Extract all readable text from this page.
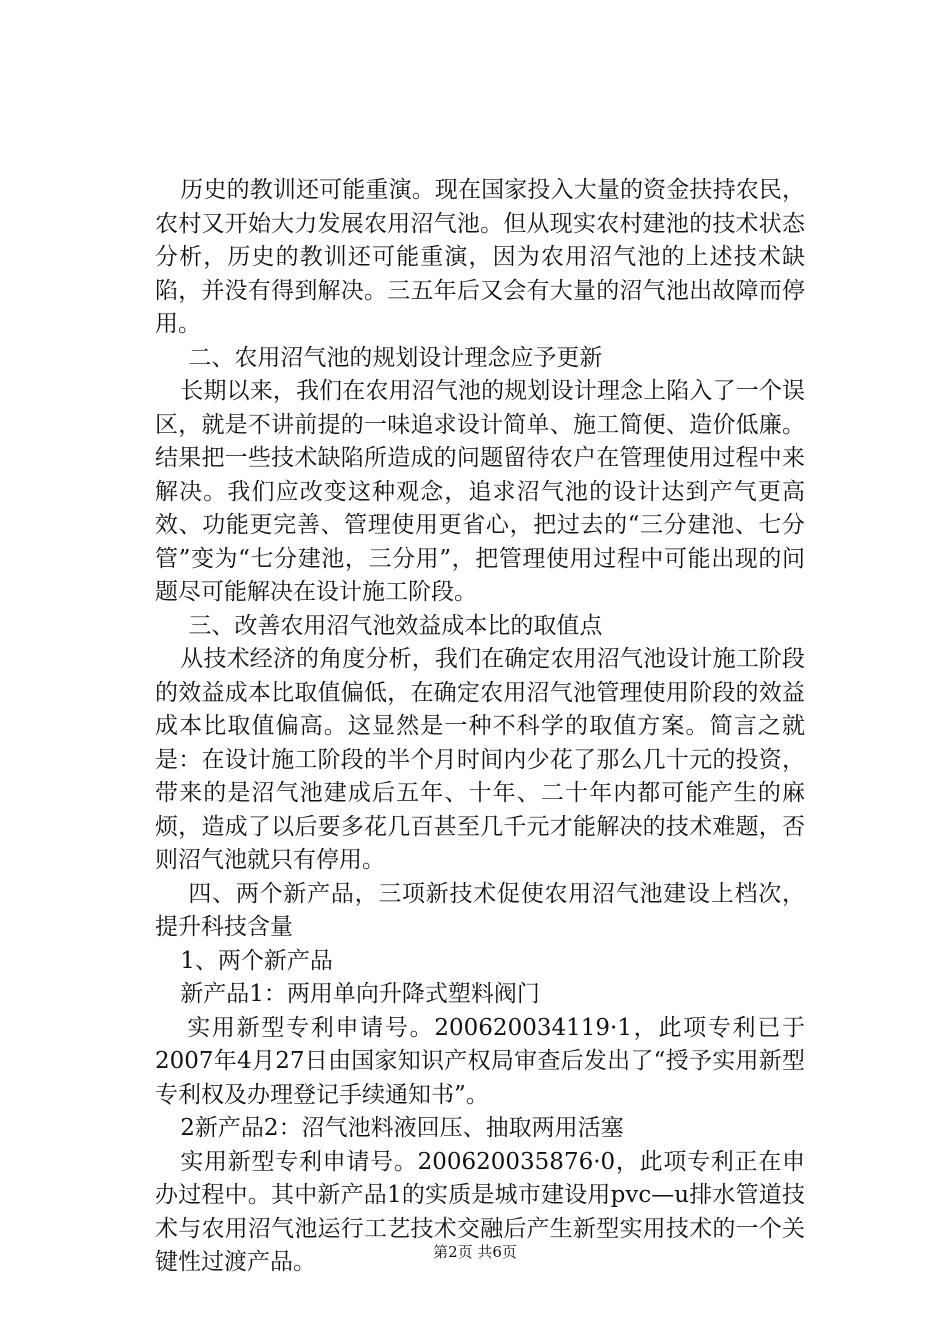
历史的教训还可能重演。现在国家投入大量的资金扶持农民，农村又开始大力发展农用沼气池。但从现实农村建池的技术状态分析，历史的教训还可能重演，因为农用沼气池的上述技术缺陷，并没有得到解决。三五年后又会有大量的沼气池出故障而停用。

二、农用沼气池的规划设计理念应予更新

长期以来，我们在农用沼气池的规划设计理念上陷入了一个误区，就是不讲前提的一味追求设计简单、施工简便、造价低廉。结果把一些技术缺陷所造成的问题留待农户在管理使用过程中来解决。我们应改变这种观念，追求沼气池的设计达到产气更高效、功能更完善、管理使用更省心，把过去的“三分建池、七分管”变为“七分建池，三分用”，把管理使用过程中可能出现的问题尽可能解决在设计施工阶段。

三、改善农用沼气池效益成本比的取值点

从技术经济的角度分析，我们在确定农用沼气池设计施工阶段的效益成本比取值偏低，在确定农用沼气池管理使用阶段的效益成本比取值偏高。这显然是一种不科学的取值方案。简言之就是：在设计施工阶段的半个月时间内少花了那么几十元的投资，带来的是沼气池建成后五年、十年、二十年内都可能产生的麻烦，造成了以后要多花几百甚至几千元才能解决的技术难题，否则沼气池就只有停用。

四、两个新产品，三项新技术促使农用沼气池建设上档次，提升科技含量

1、两个新产品

新产品1：两用单向升降式塑料阀门

实用新型专利申请号。200620034119·1，此项专利已于2007年4月27日由国家知识产权局审查后发出了“授予实用新型专利权及办理登记手续通知书”。

2新产品2：沼气池料液回压、抽取两用活塞

实用新型专利申请号。200620035876·0，此项专利正在申办过程中。其中新产品1的实质是城市建设用pvc—u排水管道技术与农用沼气池运行工艺技术交融后产生新型实用技术的一个关键性过渡产品。	第2页 共6页
